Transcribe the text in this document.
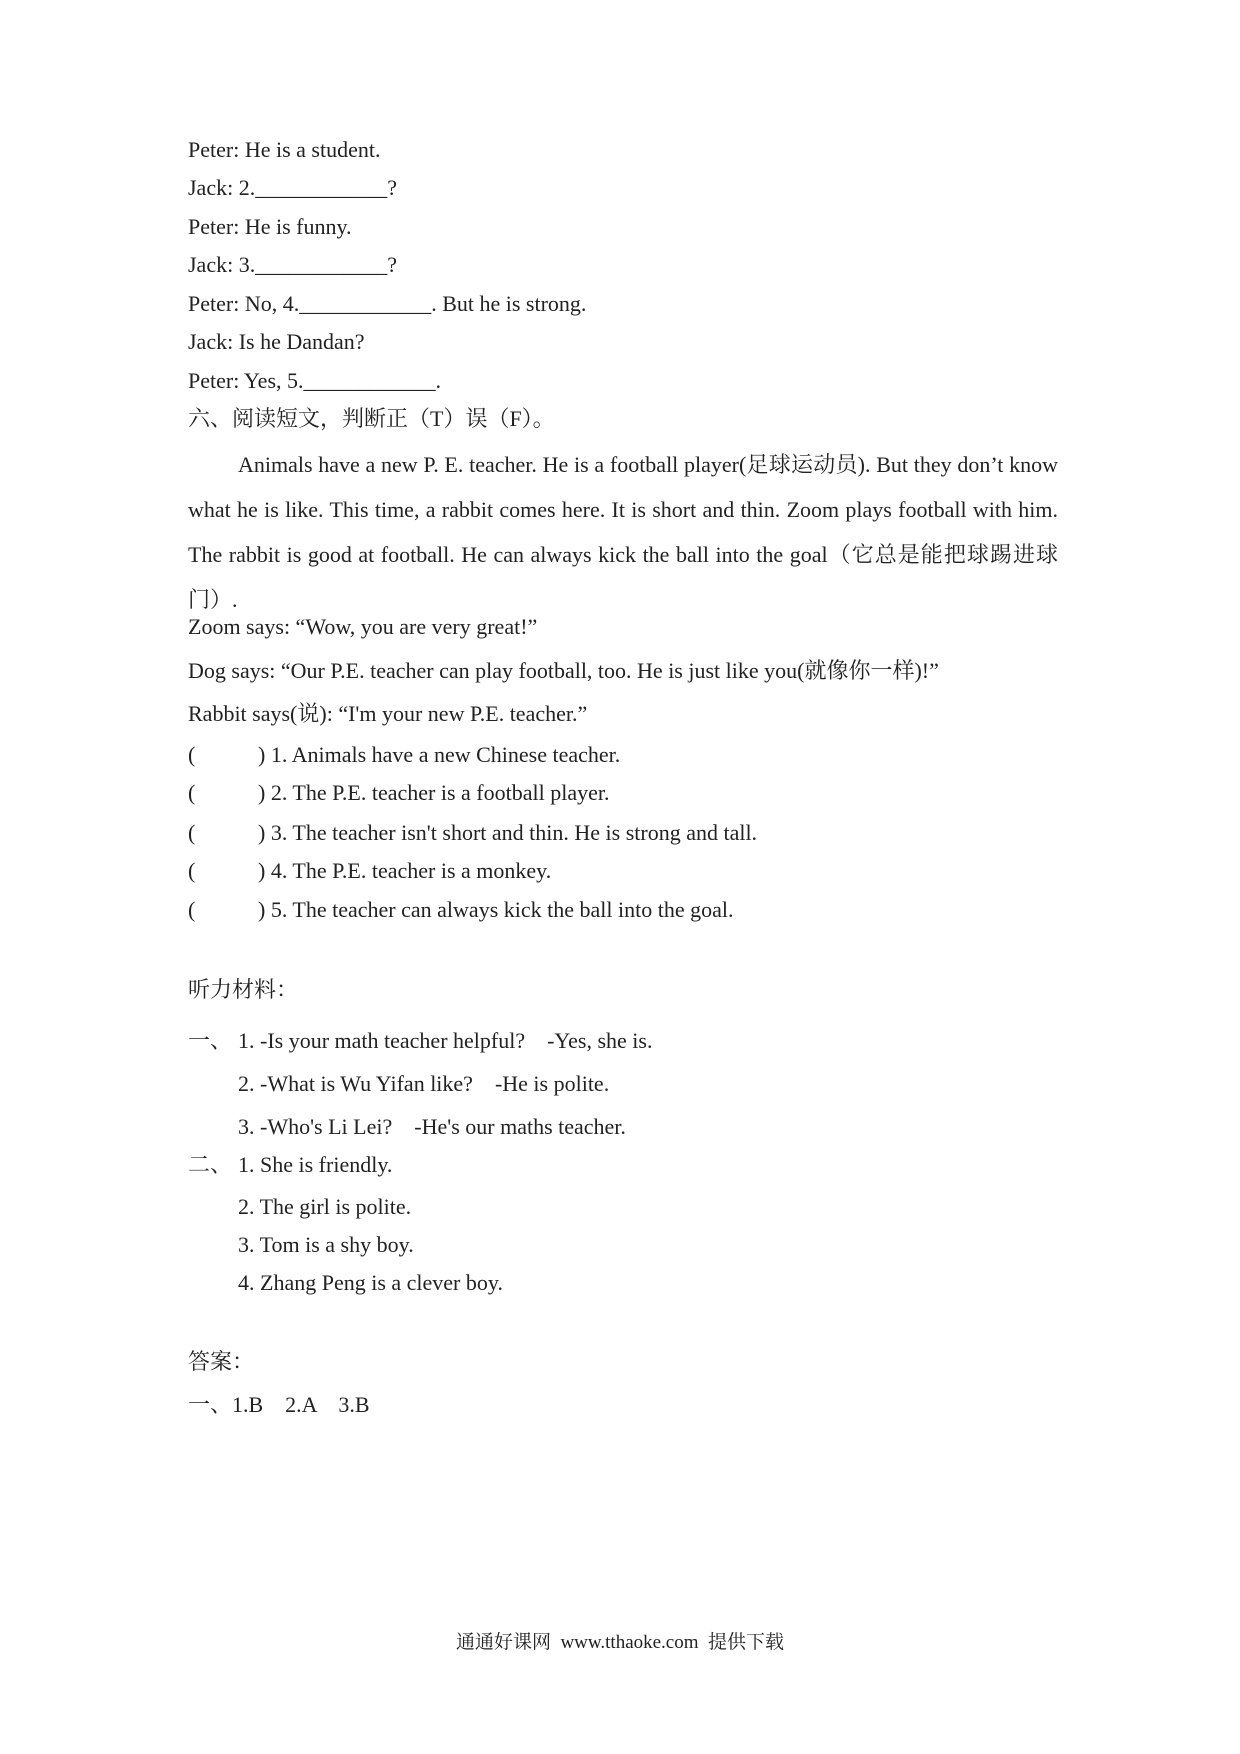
Peter: He is a student.
Jack: 2.____________?
Peter: He is funny.
Jack: 3.____________?
Peter: No, 4.____________. But he is strong.
Jack: Is he Dandan?
Peter: Yes, 5.____________.
六、阅读短文，判断正（T）误（F）。
Animals have a new P. E. teacher. He is a football player(足球运动员). But they don’t know what he is like. This time, a rabbit comes here. It is short and thin. Zoom plays football with him. The rabbit is good at football. He can always kick the ball into the goal（它总是能把球踢进球门）.
Zoom says: “Wow, you are very great!”
Dog says: “Our P.E. teacher can play football, too. He is just like you(就像你一样)!”
Rabbit says(说): “I'm your new P.E. teacher.”
(	) 1. Animals have a new Chinese teacher.
(	) 2. The P.E. teacher is a football player.
(	) 3. The teacher isn't short and thin. He is strong and tall.
(	) 4. The P.E. teacher is a monkey.
(	) 5. The teacher can always kick the ball into the goal.
听力材料：
一、 1. -Is your math teacher helpful?    -Yes, she is.
2. -What is Wu Yifan like?    -He is polite.
3. -Who's Li Lei?    -He's our maths teacher.
二、 1. She is friendly.
2. The girl is polite.
3. Tom is a shy boy.
4. Zhang Peng is a clever boy.
答案：
一、1.B    2.A    3.B
通通好课网  www.tthaoke.com  提供下载
